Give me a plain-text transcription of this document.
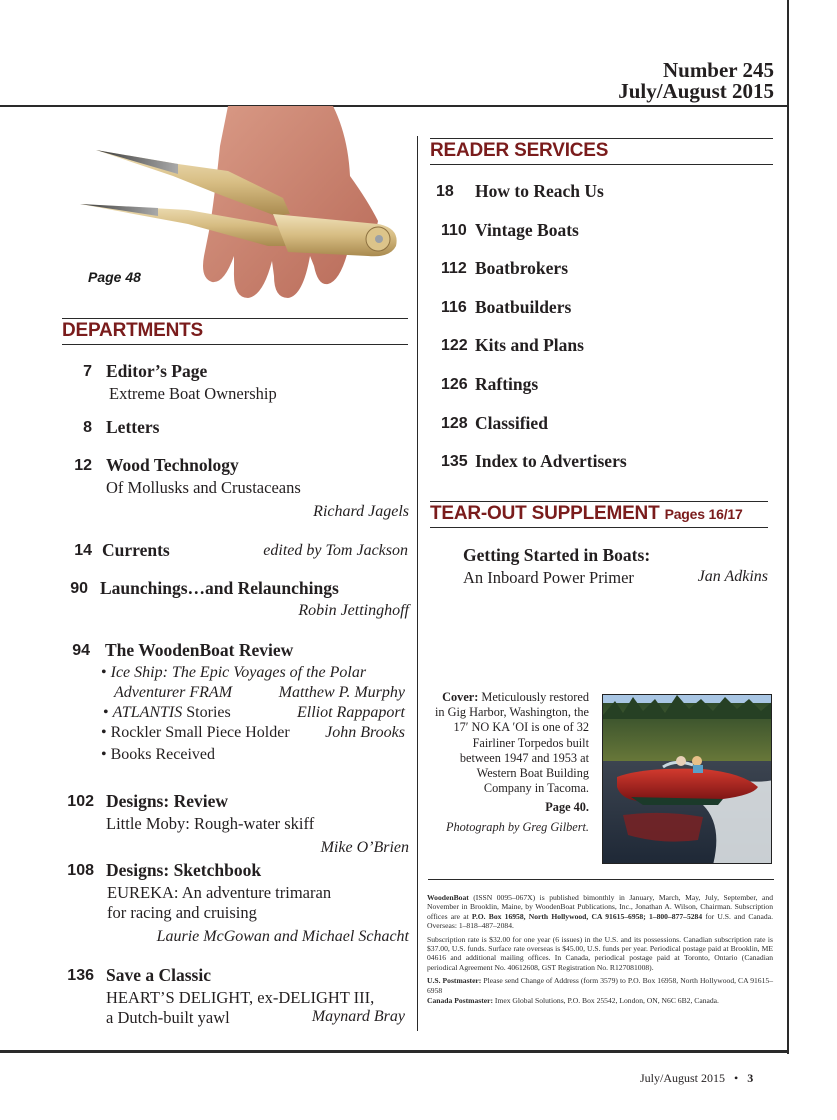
Number 245
July/August 2015
Page 48
DEPARTMENTS
7 Editor’s Page
Extreme Boat Ownership
8 Letters
12 Wood Technology
Of Mollusks and Crustaceans
Richard Jagels
14 Currents	edited by Tom Jackson
90 Launchings…and Relaunchings
Robin Jettinghoff
94 The WoodenBoat Review
• Ice Ship: The Epic Voyages of the Polar
Adventurer FRAM	Matthew P. Murphy
• ATLANTIS Stories	Elliot Rappaport
• Rockler Small Piece Holder John Brooks
• Books Received
102 Designs: Review
Little Moby: Rough-water skiff
Mike O’Brien
108 Designs: Sketchbook
EUREKA: An adventure trimaran
for racing and cruising
Laurie McGowan and Michael Schacht
136 Save a Classic
HEART’S DELIGHT, ex-DELIGHT III,
a Dutch-built yawl	Maynard Bray
READER SERVICES
18	How to Reach Us
110 Vintage Boats
112 Boatbrokers
116 Boatbuilders
122 Kits and Plans
126 Raftings
128 Classified
135 Index to Advertisers
TEAR-OUT SUPPLEMENT Pages 16/17
Getting Started in Boats:
An Inboard Power Primer	Jan Adkins
Cover: Meticulously restored in Gig Harbor, Washington, the 17′ NO KA ′OI is one of 32 Fairliner Torpedos built between 1947 and 1953 at Western Boat Building Company in Tacoma.
Page 40.
Photograph by Greg Gilbert.

WoodenBoat (ISSN 0095–067X) is published bimonthly in January, March, May, July, September, and November in Brooklin, Maine, by WoodenBoat Publications, Inc., Jonathan A. Wilson, Chairman. Subscription offices are at P.O. Box 16958, North Hollywood, CA 91615–6958; 1–800–877–5284 for U.S. and Canada. Overseas: 1–818–487–2084.

Subscription rate is $32.00 for one year (6 issues) in the U.S. and its possessions. Canadian subscription rate is $37.00, U.S. funds. Surface rate overseas is $45.00, U.S. funds per year. Periodical postage paid at Brooklin, ME 04616 and additional mailing offices. In Canada, periodical postage paid at Toronto, Ontario (Canadian periodical Agreement No. 40612608, GST Registration No. R127081008).

U.S. Postmaster: Please send Change of Address (form 3579) to P.O. Box 16958, North Hollywood, CA 91615–6958

Canada Postmaster: Imex Global Solutions, P.O. Box 25542, London, ON, N6C 6B2, Canada.

July/August 2015 • 3
